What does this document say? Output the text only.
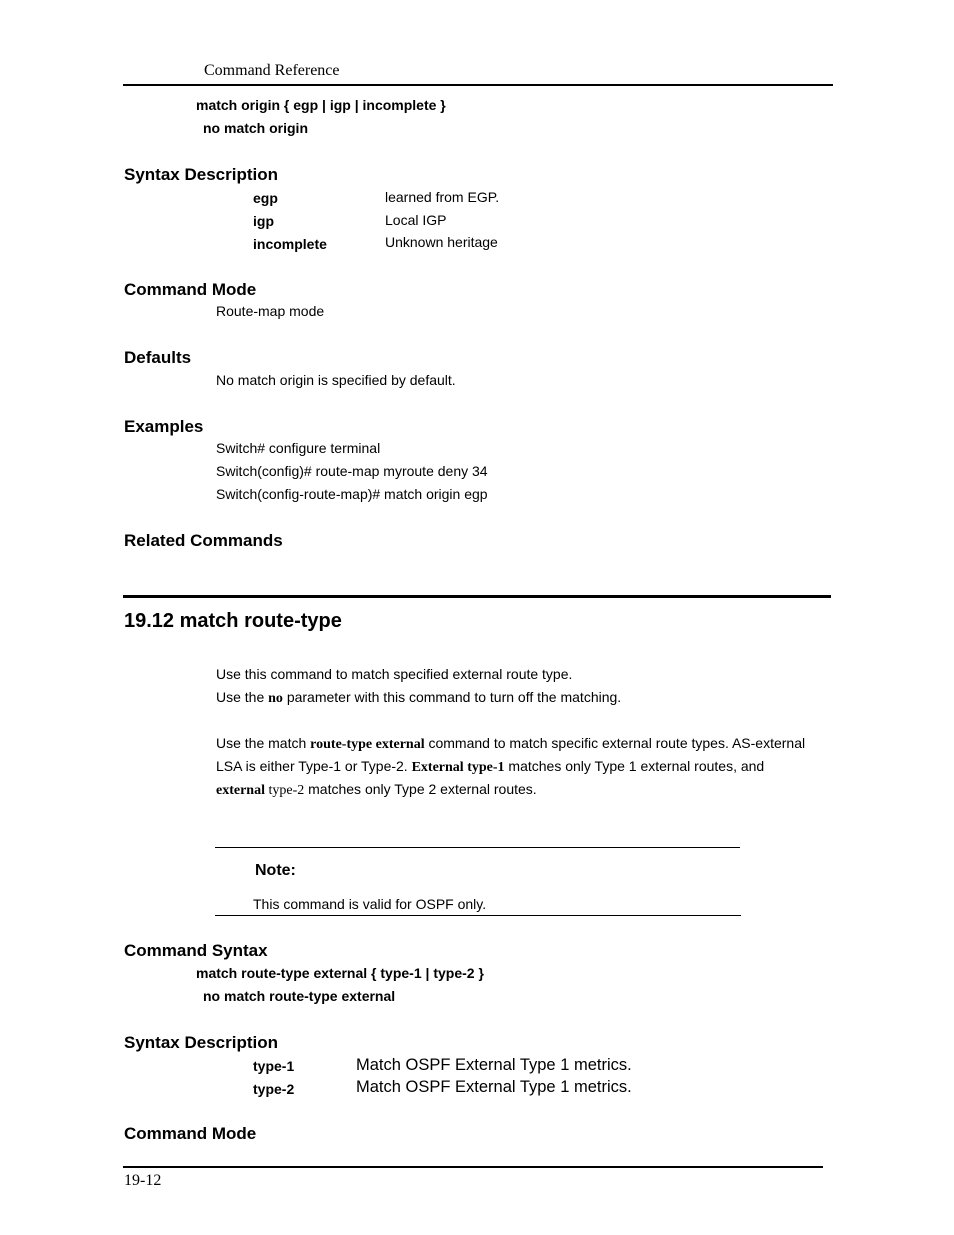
Command Reference
match origin { egp | igp | incomplete }
no match origin
Syntax Description
egp	learned from EGP.
igp	Local IGP
incomplete	Unknown heritage
Command Mode
Route-map mode
Defaults
No match origin is specified by default.
Examples
Switch# configure terminal
Switch(config)# route-map myroute deny 34
Switch(config-route-map)# match origin egp
Related Commands
19.12 match route-type
Use this command to match specified external route type.
Use the no parameter with this command to turn off the matching.
Use the match route-type external command to match specific external route types. AS-external
LSA is either Type-1 or Type-2. External type-1 matches only Type 1 external routes, and
external type-2 matches only Type 2 external routes.
Note:
This command is valid for OSPF only.
Command Syntax
match route-type external { type-1 | type-2 }
no match route-type external
Syntax Description
type-1	Match OSPF External Type 1 metrics.
type-2	Match OSPF External Type 1 metrics.
Command Mode
19-12
